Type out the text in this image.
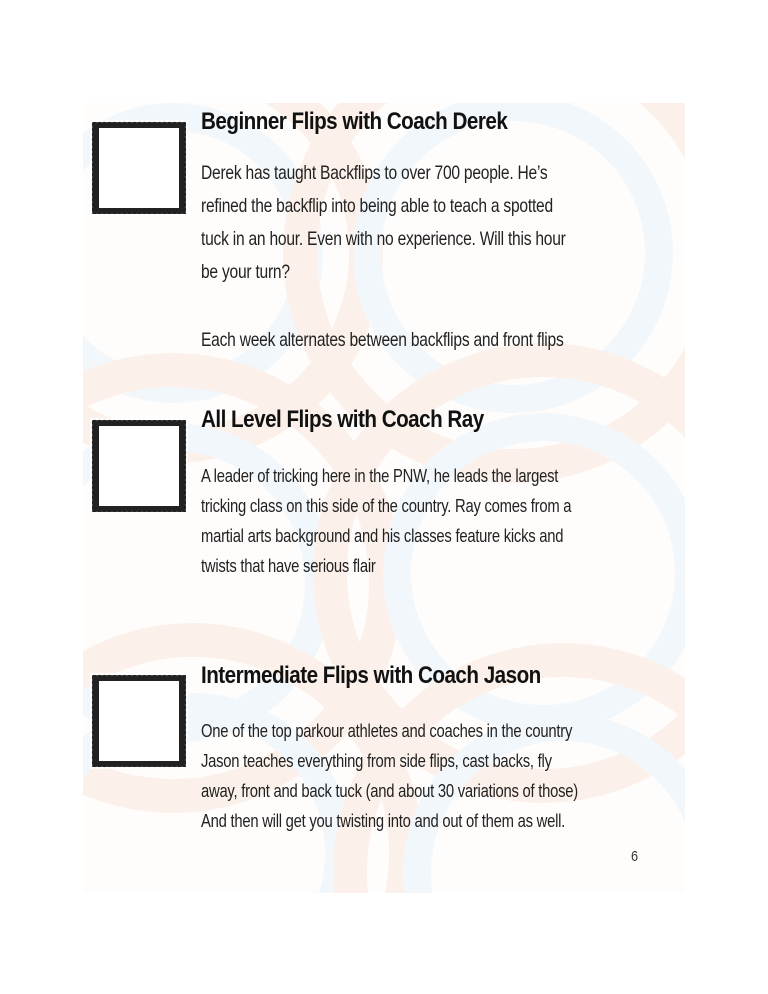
Beginner Flips with Coach Derek

Derek has taught Backflips to over 700 people. He’s
refined the backflip into being able to teach a spotted
tuck in an hour. Even with no experience. Will this hour
be your turn?

Each week alternates between backflips and front flips

All Level Flips with Coach Ray

A leader of tricking here in the PNW, he leads the largest
tricking class on this side of the country. Ray comes from a
martial arts background and his classes feature kicks and
twists that have serious flair

Intermediate Flips with Coach Jason

One of the top parkour athletes and coaches in the country
Jason teaches everything from side flips, cast backs, fly
away, front and back tuck (and about 30 variations of those)
And then will get you twisting into and out of them as well.

6
